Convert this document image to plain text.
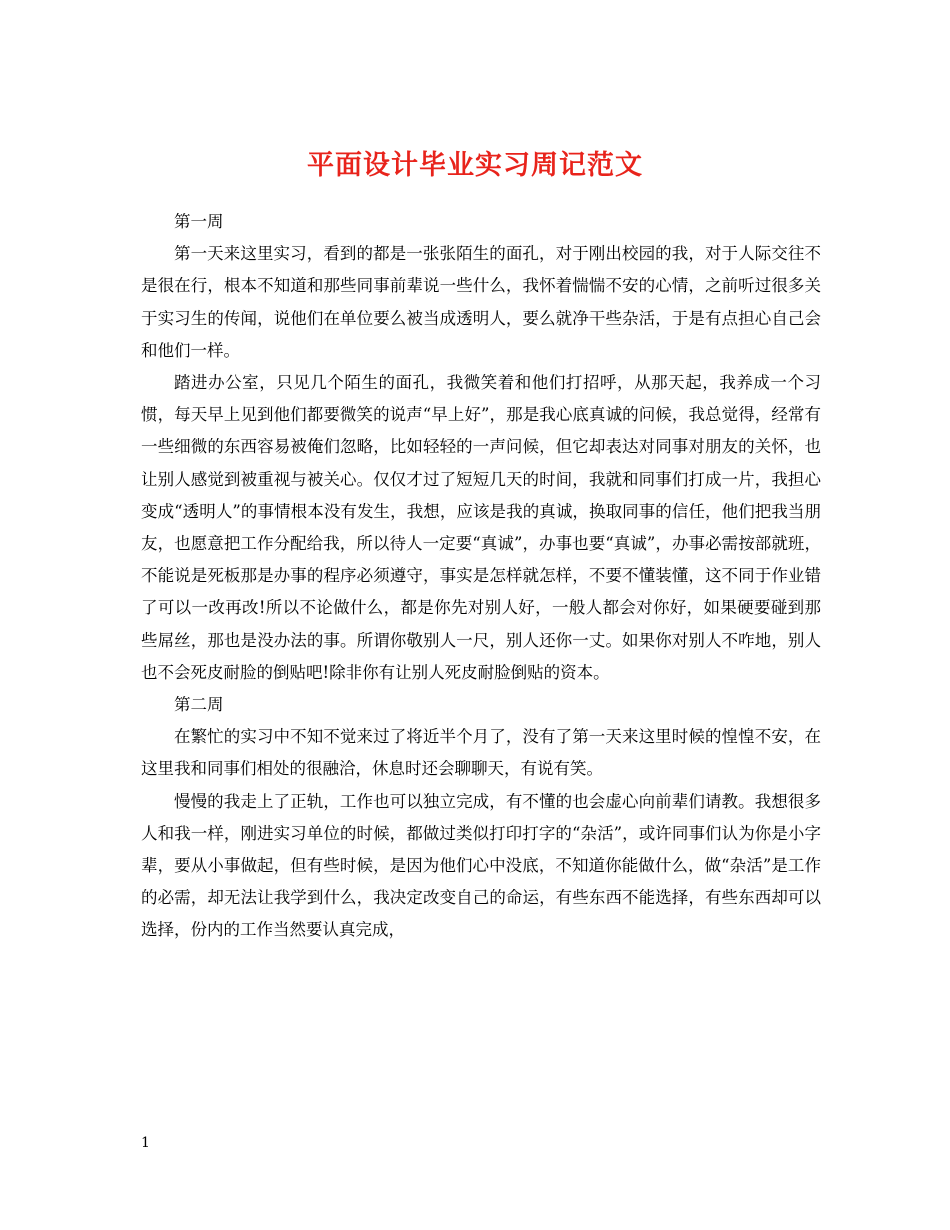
平面设计毕业实习周记范文

第一周

第一天来这里实习，看到的都是一张张陌生的面孔，对于刚出校园的我，对于人际交往不是很在行，根本不知道和那些同事前辈说一些什么，我怀着惴惴不安的心情，之前听过很多关于实习生的传闻，说他们在单位要么被当成透明人，要么就净干些杂活，于是有点担心自己会和他们一样。

踏进办公室，只见几个陌生的面孔，我微笑着和他们打招呼，从那天起，我养成一个习惯，每天早上见到他们都要微笑的说声“早上好”，那是我心底真诚的问候，我总觉得，经常有一些细微的东西容易被俺们忽略，比如轻轻的一声问候，但它却表达对同事对朋友的关怀，也让别人感觉到被重视与被关心。仅仅才过了短短几天的时间，我就和同事们打成一片，我担心变成“透明人”的事情根本没有发生，我想，应该是我的真诚，换取同事的信任，他们把我当朋友，也愿意把工作分配给我，所以待人一定要“真诚”，办事也要“真诚”，办事必需按部就班，不能说是死板那是办事的程序必须遵守，事实是怎样就怎样，不要不懂装懂，这不同于作业错了可以一改再改!所以不论做什么，都是你先对别人好，一般人都会对你好，如果硬要碰到那些屌丝，那也是没办法的事。所谓你敬别人一尺，别人还你一丈。如果你对别人不咋地，别人也不会死皮耐脸的倒贴吧!除非你有让别人死皮耐脸倒贴的资本。

第二周

在繁忙的实习中不知不觉来过了将近半个月了，没有了第一天来这里时候的惶惶不安，在这里我和同事们相处的很融洽，休息时还会聊聊天，有说有笑。

慢慢的我走上了正轨，工作也可以独立完成，有不懂的也会虚心向前辈们请教。我想很多人和我一样，刚进实习单位的时候，都做过类似打印打字的“杂活”，或许同事们认为你是小字辈，要从小事做起，但有些时候，是因为他们心中没底，不知道你能做什么，做“杂活”是工作的必需，却无法让我学到什么，我决定改变自己的命运，有些东西不能选择，有些东西却可以选择，份内的工作当然要认真完成，

1
